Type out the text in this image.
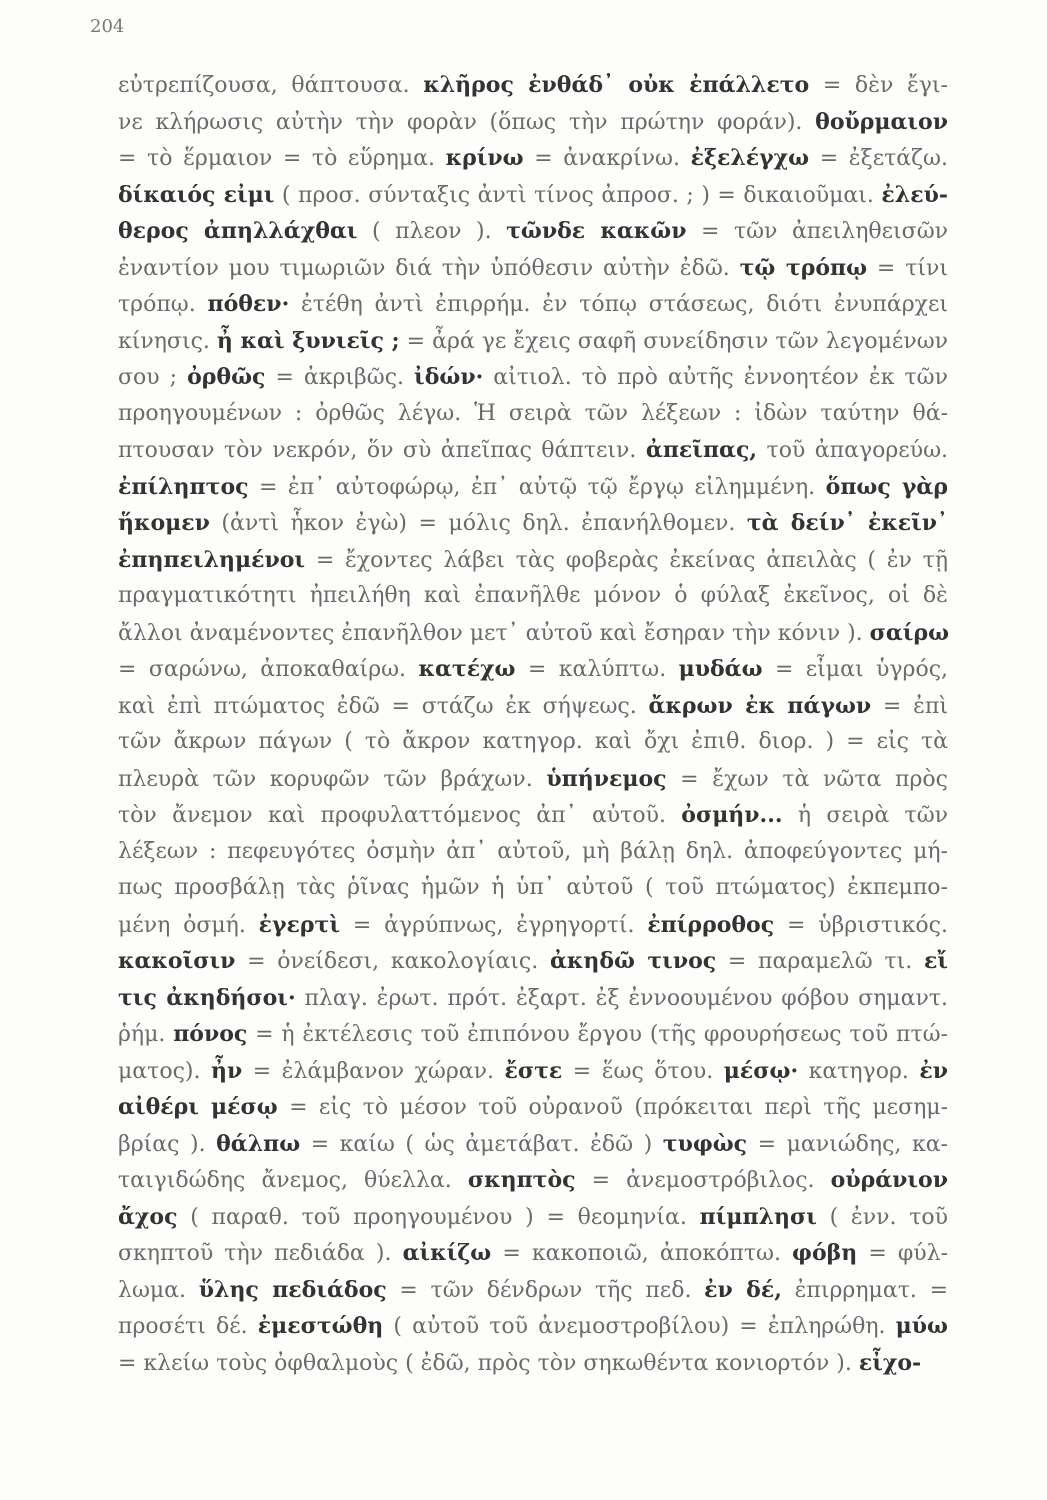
204
εὐτρεπίζουσα, θάπτουσα. κλῆρος ἐνθάδ᾽ οὐκ ἐπάλλετο = δὲν ἔγι-
νε κλήρωσις αὐτὴν τὴν φορὰν (ὅπως τὴν πρώτην φοράν). θοὔρμαιον
= τὸ ἕρμαιον = τὸ εὕρημα. κρίνω = ἀνακρίνω. ἐξελέγχω = ἐξετάζω.
δίκαιός εἰμι ( προσ. σύνταξις ἀντὶ τίνος ἀπροσ. ; ) = δικαιοῦμαι. ἐλεύ-
θερος ἀπηλλάχθαι ( πλεον ). τῶνδε κακῶν = τῶν ἀπειληθεισῶν
ἐναντίον μου τιμωριῶν διά τὴν ὑπόθεσιν αὐτὴν ἐδῶ. τῷ τρόπῳ = τίνι
τρόπῳ. πόθεν· ἐτέθη ἀντὶ ἐπιρρήμ. ἐν τόπῳ στάσεως, διότι ἐνυπάρχει
κίνησις. ἦ καὶ ξυνιεῖς ; = ἆρά γε ἔχεις σαφῆ συνείδησιν τῶν λεγομένων
σου ; ὀρθῶς = ἀκριβῶς. ἰδών· αἰτιολ. τὸ πρὸ αὐτῆς ἐννοητέον ἐκ τῶν
προηγουμένων : ὀρθῶς λέγω. Ἡ σειρὰ τῶν λέξεων : ἰδὼν ταύτην θά-
πτουσαν τὸν νεκρόν, ὅν σὺ ἀπεῖπας θάπτειν. ἀπεῖπας, τοῦ ἀπαγορεύω.
ἐπίληπτος = ἐπ᾽ αὐτοφώρῳ, ἐπ᾽ αὐτῷ τῷ ἔργῳ εἰλημμένη. ὅπως γὰρ
ἥκομεν (ἀντὶ ἧκον ἐγὼ) = μόλις δηλ. ἐπανήλθομεν. τὰ δείν᾽ ἐκεῖν᾽
ἐπηπειλημένοι = ἔχοντες λάβει τὰς φοβερὰς ἐκείνας ἀπειλὰς ( ἐν τῇ
πραγματικότητι ἠπειλήθη καὶ ἐπανῆλθε μόνον ὁ φύλαξ ἐκεῖνος, οἱ δὲ
ἄλλοι ἀναμένοντες ἐπανῆλθον μετ᾽ αὐτοῦ καὶ ἔσηραν τὴν κόνιν ). σαίρω
= σαρώνω, ἀποκαθαίρω. κατέχω = καλύπτω. μυδάω = εἶμαι ὑγρός,
καὶ ἐπὶ πτώματος ἐδῶ = στάζω ἐκ σήψεως. ἄκρων ἐκ πάγων = ἐπὶ
τῶν ἄκρων πάγων ( τὸ ἄκρον κατηγορ. καὶ ὄχι ἐπιθ. διορ. ) = εἰς τὰ
πλευρὰ τῶν κορυφῶν τῶν βράχων. ὑπήνεμος = ἔχων τὰ νῶτα πρὸς
τὸν ἄνεμον καὶ προφυλαττόμενος ἀπ᾽ αὐτοῦ. ὀσμήν... ἡ σειρὰ τῶν
λέξεων : πεφευγότες ὀσμὴν ἀπ᾽ αὐτοῦ, μὴ βάλῃ δηλ. ἀποφεύγοντες μή-
πως προσβάλῃ τὰς ῥῖνας ἡμῶν ἡ ὑπ᾽ αὐτοῦ ( τοῦ πτώματος) ἐκπεμπο-
μένη ὀσμή. ἐγερτὶ = ἀγρύπνως, ἐγρηγορτί. ἐπίρροθος = ὑβριστικός.
κακοῖσιν = ὀνείδεσι, κακολογίαις. ἀκηδῶ τινος = παραμελῶ τι. εἴ
τις ἀκηδήσοι· πλαγ. ἐρωτ. πρότ. ἐξαρτ. ἐξ ἐννοουμένου φόβου σημαντ.
ῥήμ. πόνος = ἡ ἐκτέλεσις τοῦ ἐπιπόνου ἔργου (τῆς φρουρήσεως τοῦ πτώ-
ματος). ἦν = ἐλάμβανον χώραν. ἔστε = ἕως ὅτου. μέσῳ· κατηγορ. ἐν
αἰθέρι μέσῳ = εἰς τὸ μέσον τοῦ οὐρανοῦ (πρόκειται περὶ τῆς μεσημ-
βρίας ). θάλπω = καίω ( ὡς ἀμετάβατ. ἐδῶ ) τυφὼς = μανιώδης, κα-
ταιγιδώδης ἄνεμος, θύελλα. σκηπτὸς = ἀνεμοστρόβιλος. οὐράνιον
ἄχος ( παραθ. τοῦ προηγουμένου ) = θεομηνία. πίμπλησι ( ἐνν. τοῦ
σκηπτοῦ τὴν πεδιάδα ). αἰκίζω = κακοποιῶ, ἀποκόπτω. φόβη = φύλ-
λωμα. ὕλης πεδιάδος = τῶν δένδρων τῆς πεδ. ἐν δέ, ἐπιρρηματ. =
προσέτι δέ. ἐμεστώθη ( αὐτοῦ τοῦ ἀνεμοστροβίλου) = ἐπληρώθη. μύω
= κλείω τοὺς ὀφθαλμοὺς ( ἐδῶ, πρὸς τὸν σηκωθέντα κονιορτόν ). εἶχο-
